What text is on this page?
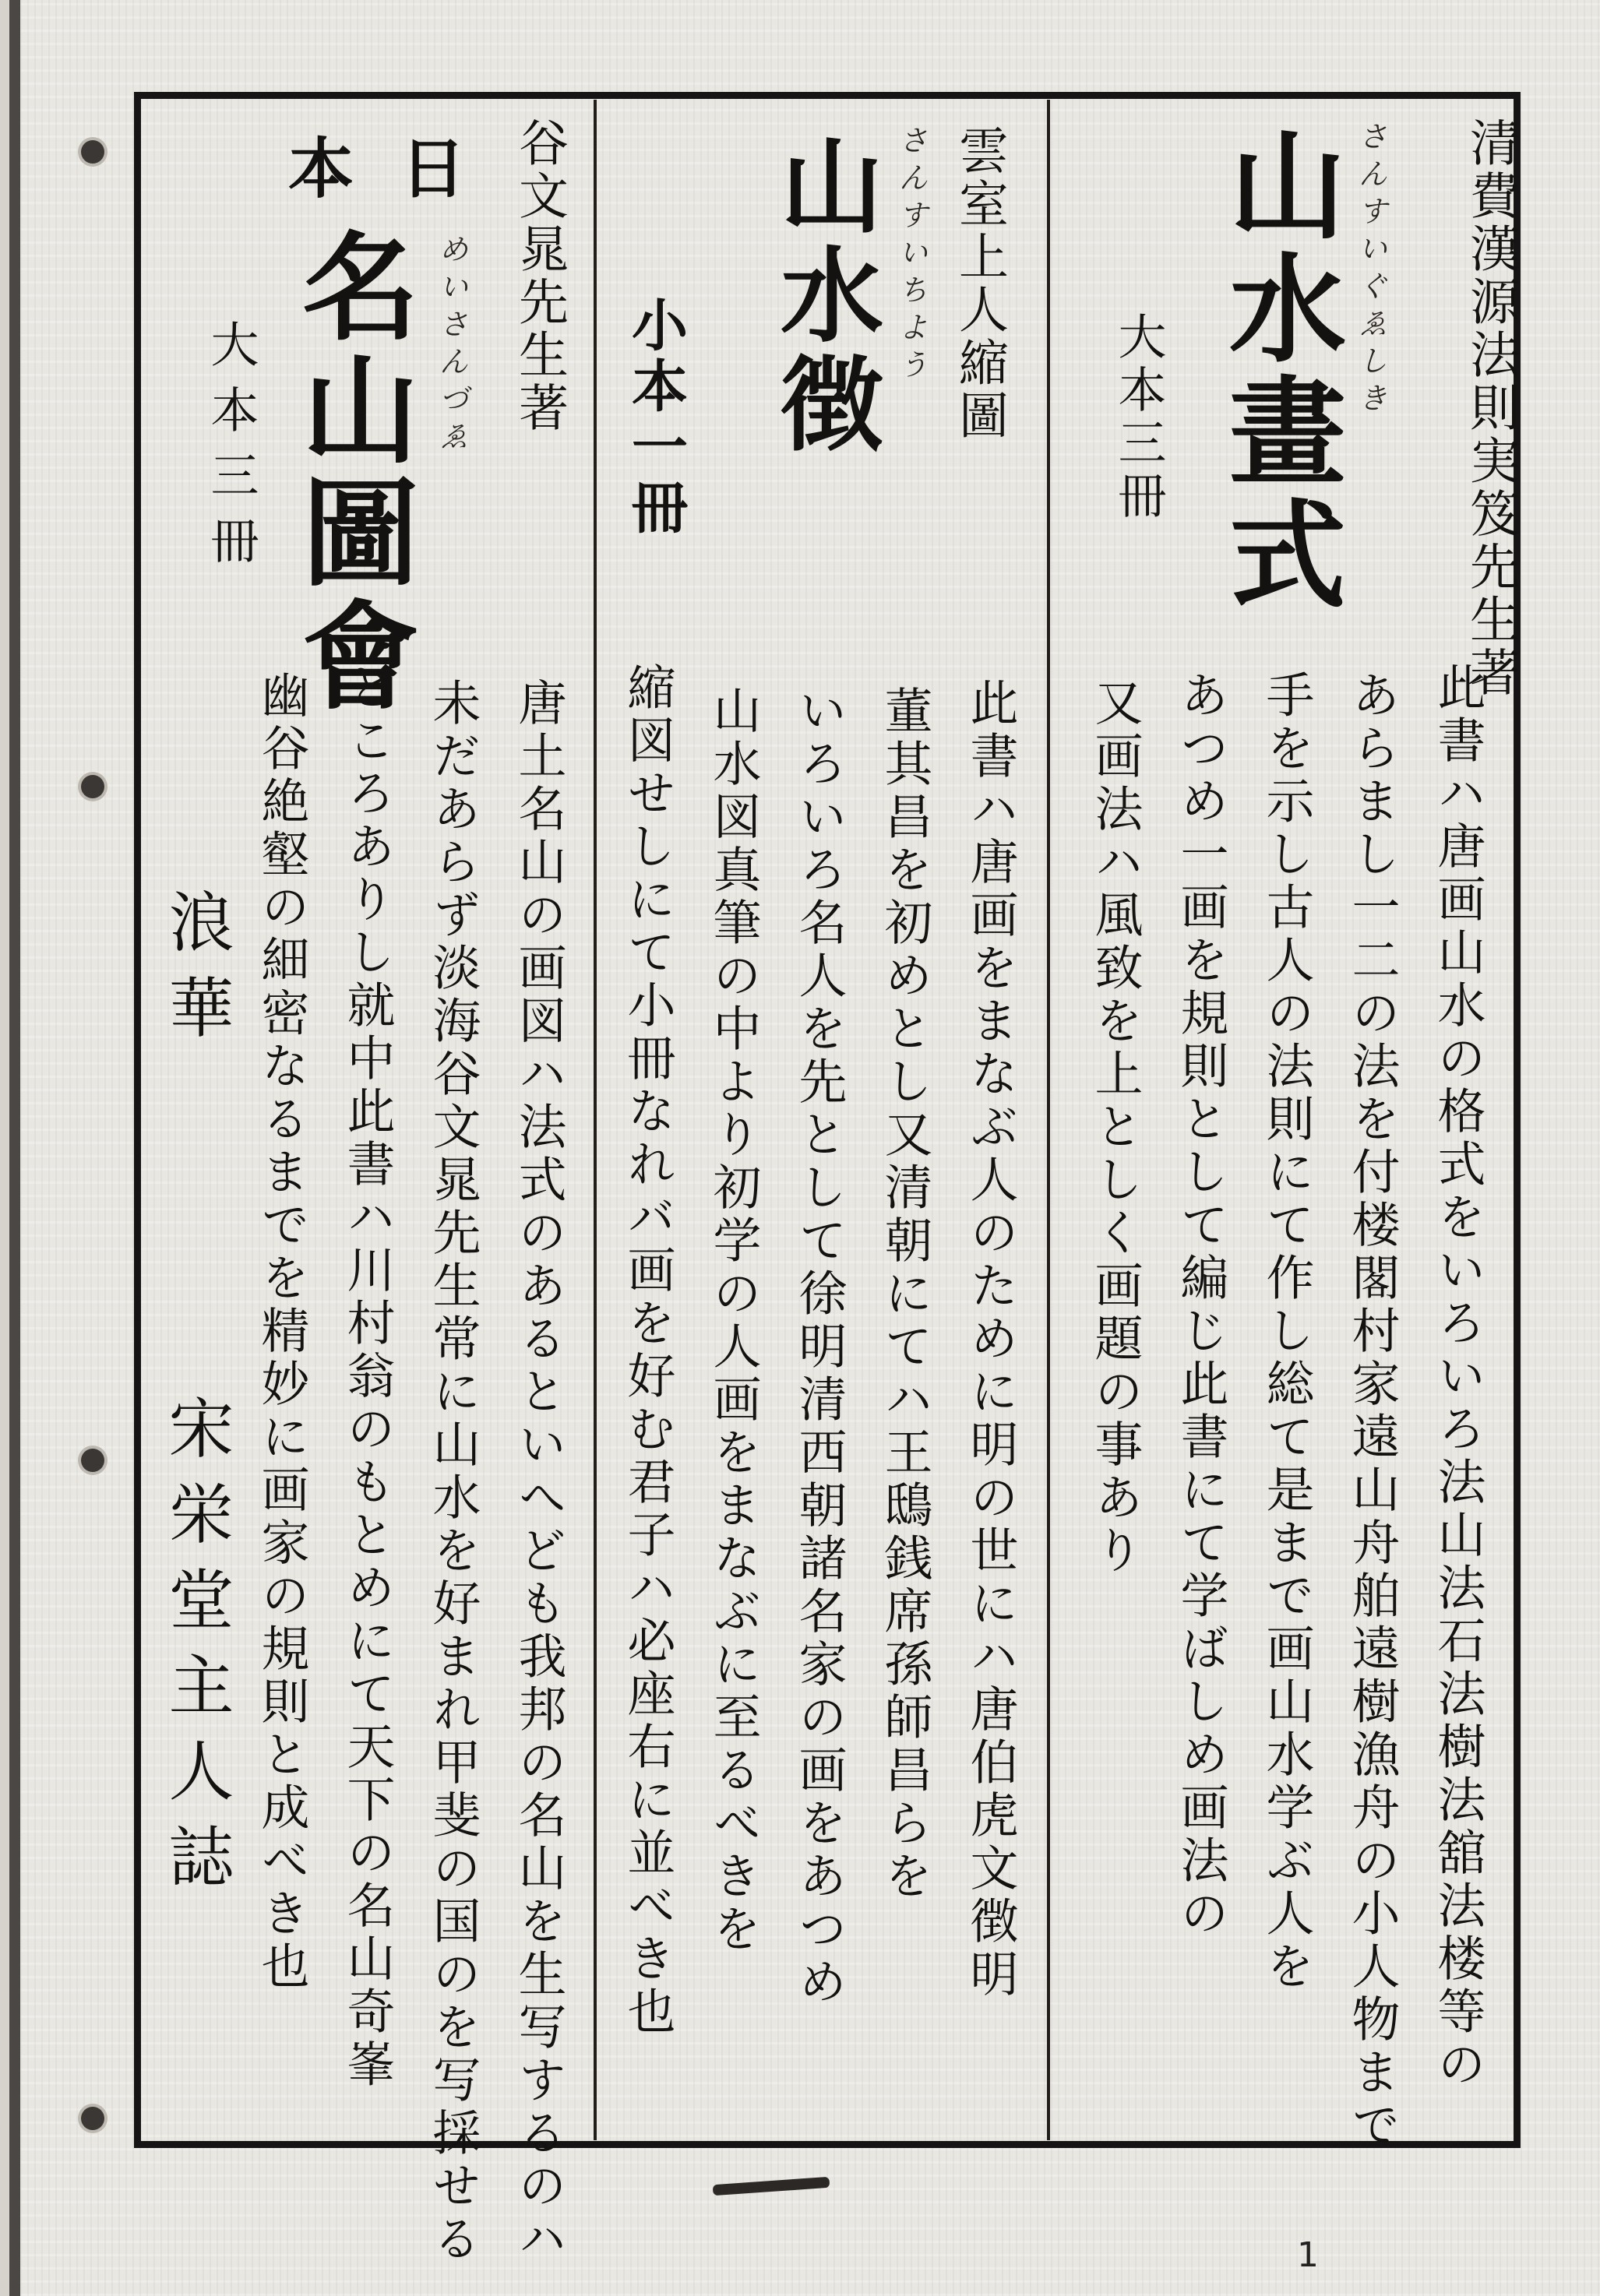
清費漢源法則実笈先生著
山水畫式 さんすいぐゑしき
大本三冊
此書ハ唐画山水の格式をいろいろ法山法石法樹法舘法楼等の
あらまし一二の法を付楼閣村家遠山舟舶遠樹漁舟の小人物まで
手を示し古人の法則にて作し総て是まで画山水学ぶ人を
あつめ一画を規則として編じ此書にて学ばしめ画法の
又画法ハ風致を上としく画題の事あり
雲室上人縮圖
山水徴 さんすいちよう
小本一冊
此書ハ唐画をまなぶ人のために明の世にハ唐伯虎文徴明
董其昌を初めとし又清朝にてハ王鴟銭席孫師昌らを
いろいろ名人を先として徐明清西朝諸名家の画をあつめ
山水図真筆の中より初学の人画をまなぶに至るべきを
縮図せしにて小冊なれバ画を好む君子ハ必座右に並べき也
谷文晁先生著
名山圖會 めいさんづゑ
大本三冊
唐土名山の画図ハ法式のあるといへども我邦の名山を生写するのハ
未だあらず淡海谷文晁先生常に山水を好まれ甲斐の国のを写採せる
ところありし就中此書ハ川村翁のもとめにて天下の名山奇峯
幽谷絶壑の細密なるまでを精妙に画家の規則と成べき也
日本
浪華
宋栄堂主人誌
1
